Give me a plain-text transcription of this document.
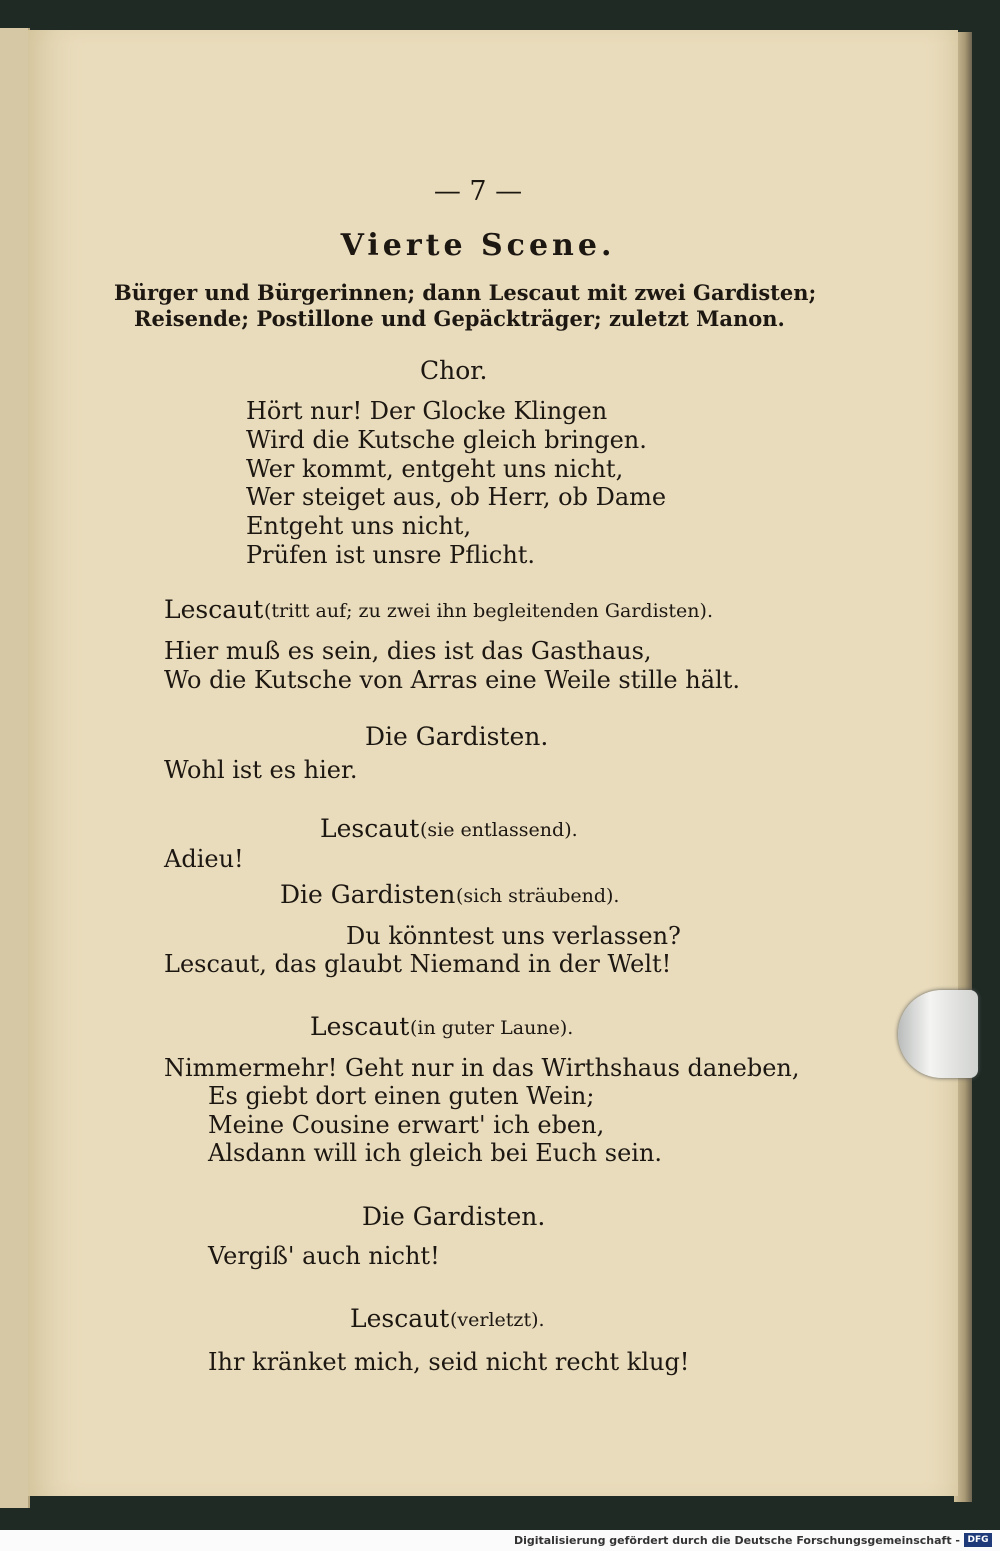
— 7 —
Vierte Scene.
Bürger und Bürgerinnen; dann Lescaut mit zwei Gardisten;
Reisende; Postillone und Gepäckträger; zuletzt Manon.
Chor.
Hört nur! Der Glocke Klingen
Wird die Kutsche gleich bringen.
Wer kommt, entgeht uns nicht,
Wer steiget aus, ob Herr, ob Dame
Entgeht uns nicht,
Prüfen ist unsre Pflicht.
Lescaut (tritt auf; zu zwei ihn begleitenden Gardisten).
Hier muß es sein, dies ist das Gasthaus,
Wo die Kutsche von Arras eine Weile stille hält.
Die Gardisten.
Wohl ist es hier.
Lescaut (sie entlassend).
Adieu!
Die Gardisten (sich sträubend).
Du könntest uns verlassen?
Lescaut, das glaubt Niemand in der Welt!
Lescaut (in guter Laune).
Nimmermehr! Geht nur in das Wirthshaus daneben,
Es giebt dort einen guten Wein;
Meine Cousine erwart' ich eben,
Alsdann will ich gleich bei Euch sein.
Die Gardisten.
Vergiß' auch nicht!
Lescaut (verletzt).
Ihr kränket mich, seid nicht recht klug!
Digitalisierung gefördert durch die Deutsche Forschungsgemeinschaft - DFG
